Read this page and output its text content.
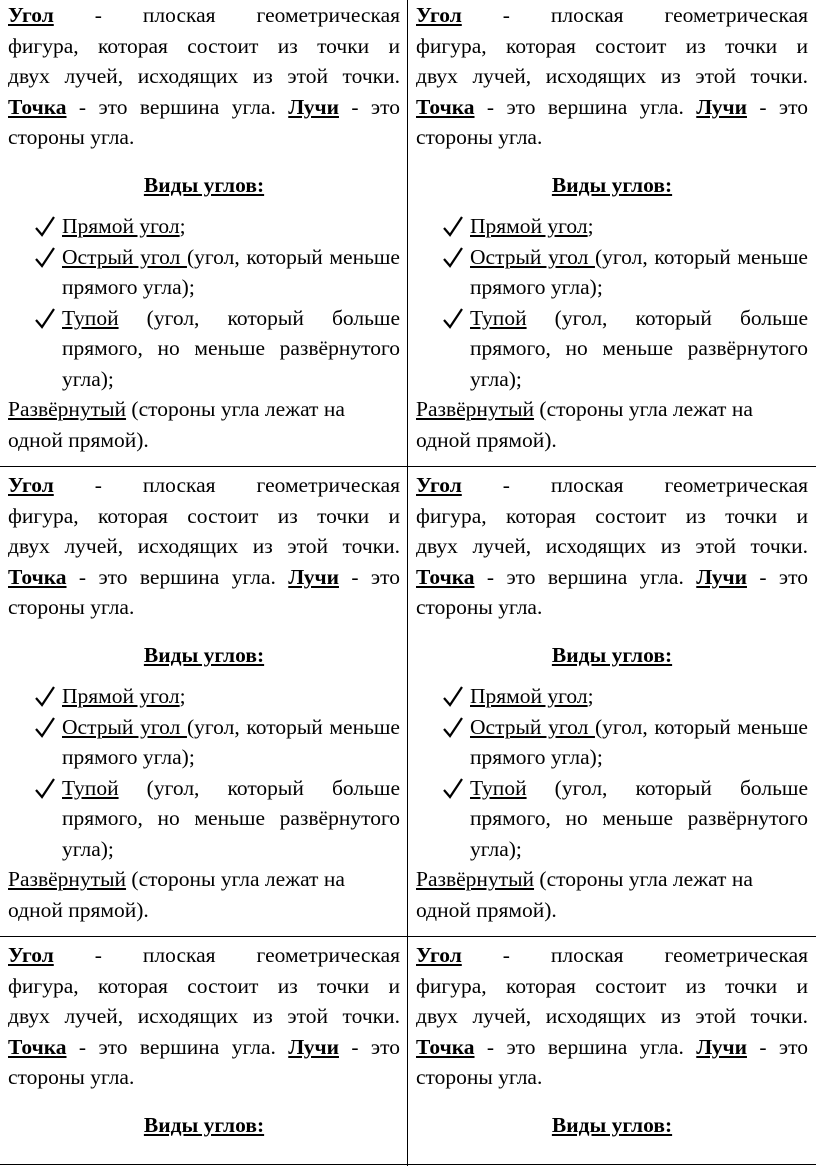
Угол - плоская геометрическая

фигура, которая состоит из точки и

двух лучей, исходящих из этой точки.

Точка - это вершина угла. Лучи - это

стороны угла.

Виды углов:

Прямой угол;
Острый угол (угол, который меньше прямого угла);
Тупой (угол, который больше прямого, но меньше развёрнутого угла);

Развёрнутый (стороны угла лежат на

одной прямой).

Угол - плоская геометрическая

фигура, которая состоит из точки и

двух лучей, исходящих из этой точки.

Точка - это вершина угла. Лучи - это

стороны угла.

Виды углов:

Прямой угол;
Острый угол (угол, который меньше прямого угла);
Тупой (угол, который больше прямого, но меньше развёрнутого угла);

Развёрнутый (стороны угла лежат на

одной прямой).

Угол - плоская геометрическая

фигура, которая состоит из точки и

двух лучей, исходящих из этой точки.

Точка - это вершина угла. Лучи - это

стороны угла.

Виды углов:

Прямой угол;
Острый угол (угол, который меньше прямого угла);
Тупой (угол, который больше прямого, но меньше развёрнутого угла);

Развёрнутый (стороны угла лежат на

одной прямой).

Угол - плоская геометрическая

фигура, которая состоит из точки и

двух лучей, исходящих из этой точки.

Точка - это вершина угла. Лучи - это

стороны угла.

Виды углов:

Прямой угол;
Острый угол (угол, который меньше прямого угла);
Тупой (угол, который больше прямого, но меньше развёрнутого угла);

Развёрнутый (стороны угла лежат на

одной прямой).

Угол - плоская геометрическая

фигура, которая состоит из точки и

двух лучей, исходящих из этой точки.

Точка - это вершина угла. Лучи - это

стороны угла.

Виды углов:

Угол - плоская геометрическая

фигура, которая состоит из точки и

двух лучей, исходящих из этой точки.

Точка - это вершина угла. Лучи - это

стороны угла.

Виды углов:
